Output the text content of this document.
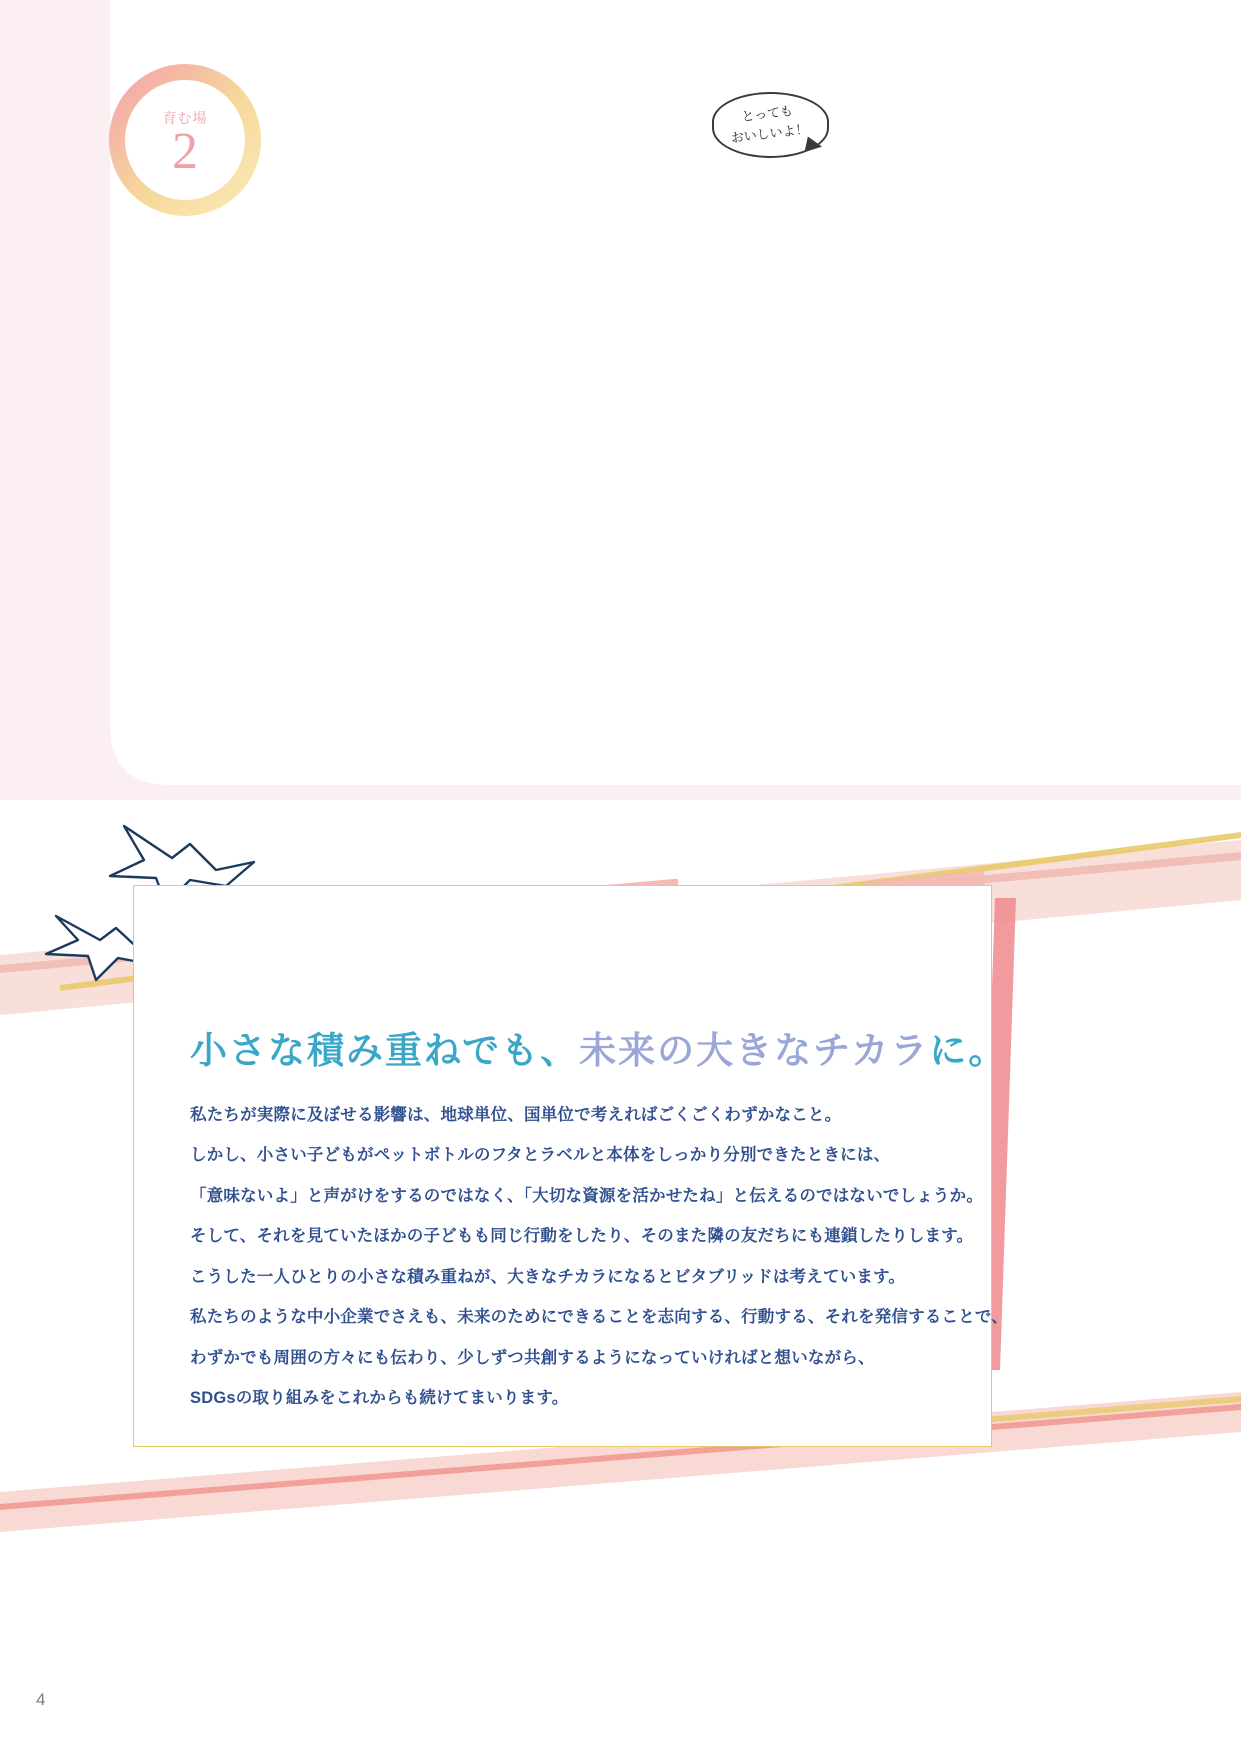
育む場
2
とっても
おいしいよ！
小さな積み重ねでも、未来の大きなチカラに。
私たちが実際に及ぼせる影響は、地球単位、国単位で考えればごくごくわずかなこと。
しかし、小さい子どもがペットボトルのフタとラベルと本体をしっかり分別できたときには、
「意味ないよ」と声がけをするのではなく、「大切な資源を活かせたね」と伝えるのではないでしょうか。
そして、それを見ていたほかの子どもも同じ行動をしたり、そのまた隣の友だちにも連鎖したりします。
こうした一人ひとりの小さな積み重ねが、大きなチカラになるとビタブリッドは考えています。
私たちのような中小企業でさえも、未来のためにできることを志向する、行動する、それを発信することで、
わずかでも周囲の方々にも伝わり、少しずつ共創するようになっていければと想いながら、
SDGsの取り組みをこれからも続けてまいります。
4
